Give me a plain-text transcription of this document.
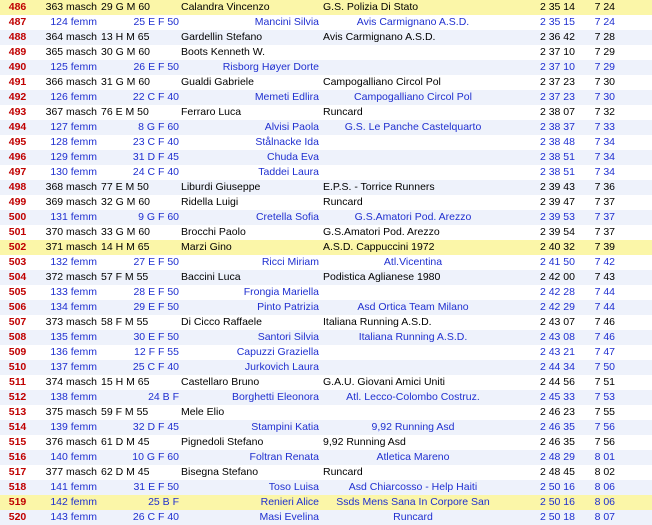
486	363 masch	29 G M 60	Calandra Vincenzo	G.S. Polizia Di Stato	2 35 14	7 24	
487	124 femm	25 E F 50	Mancini Silvia	Avis Carmignano A.S.D.	2 35 15	7 24	
488	364 masch	13 H M 65	Gardellin Stefano	Avis Carmignano A.S.D.	2 36 42	7 28	
489	365 masch	30 G M 60	Boots Kenneth W.		2 37 10	7 29	
490	125 femm	26 E F 50	Risborg Høyer Dorte		2 37 10	7 29	
491	366 masch	31 G M 60	Gualdi Gabriele	Campogalliano Circol Pol	2 37 23	7 30	
492	126 femm	22 C F 40	Memeti Edlira	Campogalliano Circol Pol	2 37 23	7 30	
493	367 masch	76 E M 50	Ferraro Luca	Runcard	2 38 07	7 32	
494	127 femm	8 G F 60	Alvisi Paola	G.S. Le Panche Castelquarto	2 38 37	7 33	
495	128 femm	23 C F 40	Stålnacke Ida		2 38 48	7 34	
496	129 femm	31 D F 45	Chuda Eva		2 38 51	7 34	
497	130 femm	24 C F 40	Taddei Laura		2 38 51	7 34	
498	368 masch	77 E M 50	Liburdi Giuseppe	E.P.S. - Torrice Runners	2 39 43	7 36	
499	369 masch	32 G M 60	Ridella Luigi	Runcard	2 39 47	7 37	
500	131 femm	9 G F 60	Cretella Sofia	G.S.Amatori Pod. Arezzo	2 39 53	7 37	
501	370 masch	33 G M 60	Brocchi Paolo	G.S.Amatori Pod. Arezzo	2 39 54	7 37	
502	371 masch	14 H M 65	Marzi Gino	A.S.D. Cappuccini 1972	2 40 32	7 39	
503	132 femm	27 E F 50	Ricci Miriam	Atl.Vicentina	2 41 50	7 42	
504	372 masch	57 F M 55	Baccini Luca	Podistica Aglianese 1980	2 42 00	7 43	
505	133 femm	28 E F 50	Frongia Mariella		2 42 28	7 44	
506	134 femm	29 E F 50	Pinto Patrizia	Asd Ortica Team Milano	2 42 29	7 44	
507	373 masch	58 F M 55	Di Cicco Raffaele	Italiana Running A.S.D.	2 43 07	7 46	
508	135 femm	30 E F 50	Santori Silvia	Italiana Running A.S.D.	2 43 08	7 46	
509	136 femm	12 F F 55	Capuzzi Graziella		2 43 21	7 47	
510	137 femm	25 C F 40	Jurkovich Laura		2 44 34	7 50	
511	374 masch	15 H M 65	Castellaro Bruno	G.A.U. Giovani Amici Uniti	2 44 56	7 51	
512	138 femm	24 B F	Borghetti Eleonora	Atl. Lecco-Colombo Costruz.	2 45 33	7 53	
513	375 masch	59 F M 55	Mele Elio		2 46 23	7 55	
514	139 femm	32 D F 45	Stampini Katia	9,92 Running Asd	2 46 35	7 56	
515	376 masch	61 D M 45	Pignedoli Stefano	9,92 Running Asd	2 46 35	7 56	
516	140 femm	10 G F 60	Foltran Renata	Atletica Mareno	2 48 29	8 01	
517	377 masch	62 D M 45	Bisegna Stefano	Runcard	2 48 45	8 02	
518	141 femm	31 E F 50	Toso Luisa	Asd Chiarcosso - Help Haiti	2 50 16	8 06	
519	142 femm	25 B F	Renieri Alice	Ssds Mens Sana In Corpore San	2 50 16	8 06	
520	143 femm	26 C F 40	Masi Evelina	Runcard	2 50 18	8 07	
